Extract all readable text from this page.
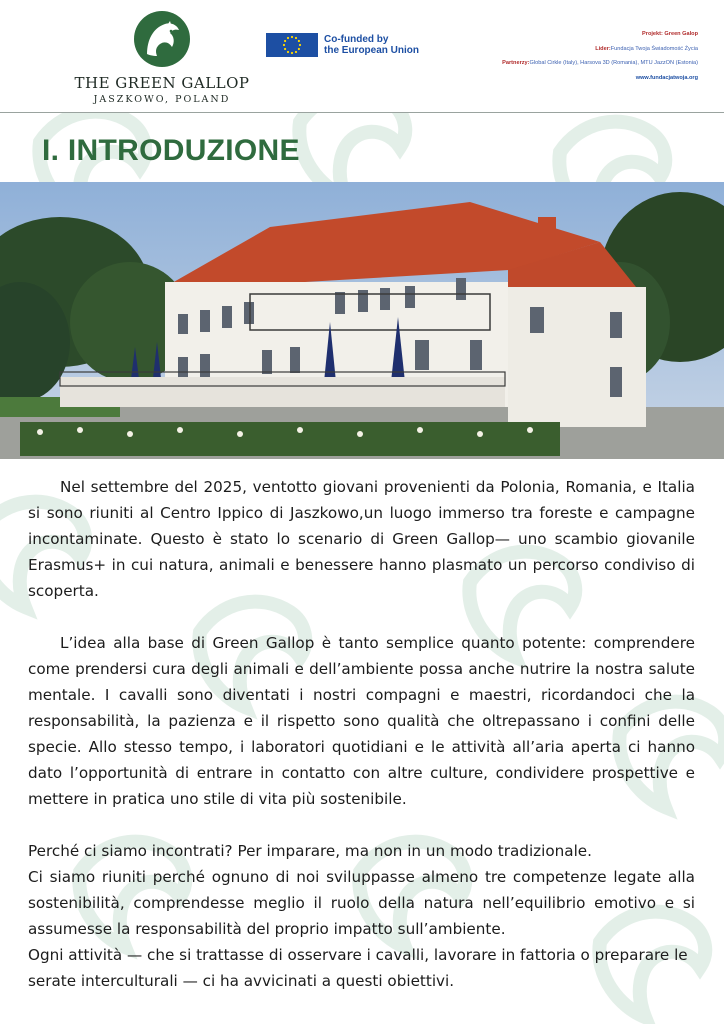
THE GREEN GALLOP
JASZKOWO, POLAND
Co-funded by
the European Union
Projekt: Green Galop
Lider:Fundacja Twoja Świadomość Życia
Partnerzy:Global Cirkle (Italy), Harsova 3D (Romania), MTU JazzON (Estonia)
www.fundacjatwoja.org
I. INTRODUZIONE

Nel settembre del 2025, ventotto giovani provenienti da Polonia, Romania, e Italia si sono riuniti al Centro Ippico di Jaszkowo,un luogo immerso tra foreste e campagne incontaminate. Questo è stato lo scenario di Green Gallop— uno scambio giovanile Erasmus+ in cui natura, animali e benessere hanno plasmato un percorso condiviso di scoperta.

L’idea alla base di Green Gallop è tanto semplice quanto potente: comprendere come prendersi cura degli animali e dell’ambiente possa anche nutrire la nostra salute mentale. I cavalli sono diventati i nostri compagni e maestri, ricordandoci che la responsabilità, la pazienza e il rispetto sono qualità che oltrepassano i confini delle specie. Allo stesso tempo, i laboratori quotidiani e le attività all’aria aperta ci hanno dato l’opportunità di entrare in contatto con altre culture, condividere prospettive e mettere in pratica uno stile di vita più sostenibile.

Perché ci siamo incontrati? Per imparare, ma non in un modo tradizionale.

Ci siamo riuniti perché ognuno di noi sviluppasse almeno tre competenze legate alla sostenibilità, comprendesse meglio il ruolo della natura nell’equilibrio emotivo e si assumesse la responsabilità del proprio impatto sull’ambiente.

Ogni attività — che si trattasse di osservare i cavalli, lavorare in fattoria o preparare le serate interculturali — ci ha avvicinati a questi obiettivi.
